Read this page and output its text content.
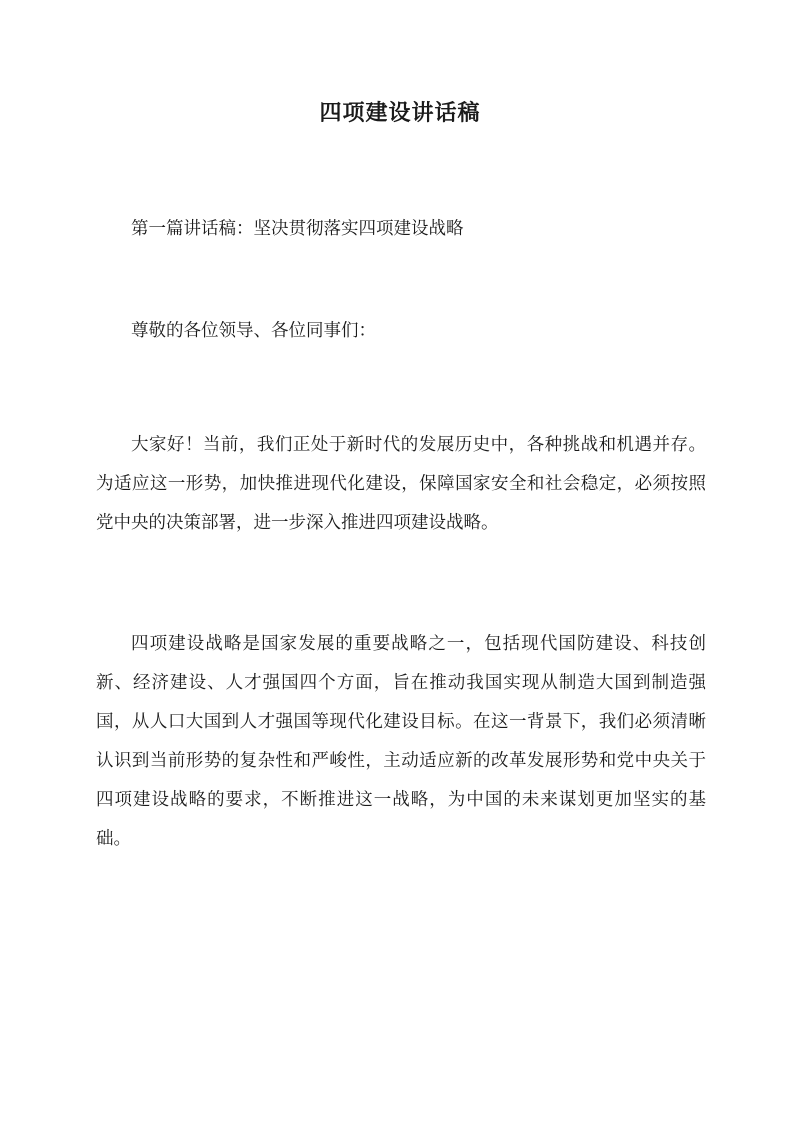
四项建设讲话稿

第一篇讲话稿：坚决贯彻落实四项建设战略

尊敬的各位领导、各位同事们：

大家好！当前，我们正处于新时代的发展历史中，各种挑战和机遇并存。为适应这一形势，加快推进现代化建设，保障国家安全和社会稳定，必须按照党中央的决策部署，进一步深入推进四项建设战略。

四项建设战略是国家发展的重要战略之一，包括现代国防建设、科技创新、经济建设、人才强国四个方面，旨在推动我国实现从制造大国到制造强国，从人口大国到人才强国等现代化建设目标。在这一背景下，我们必须清晰认识到当前形势的复杂性和严峻性，主动适应新的改革发展形势和党中央关于四项建设战略的要求，不断推进这一战略，为中国的未来谋划更加坚实的基础。
